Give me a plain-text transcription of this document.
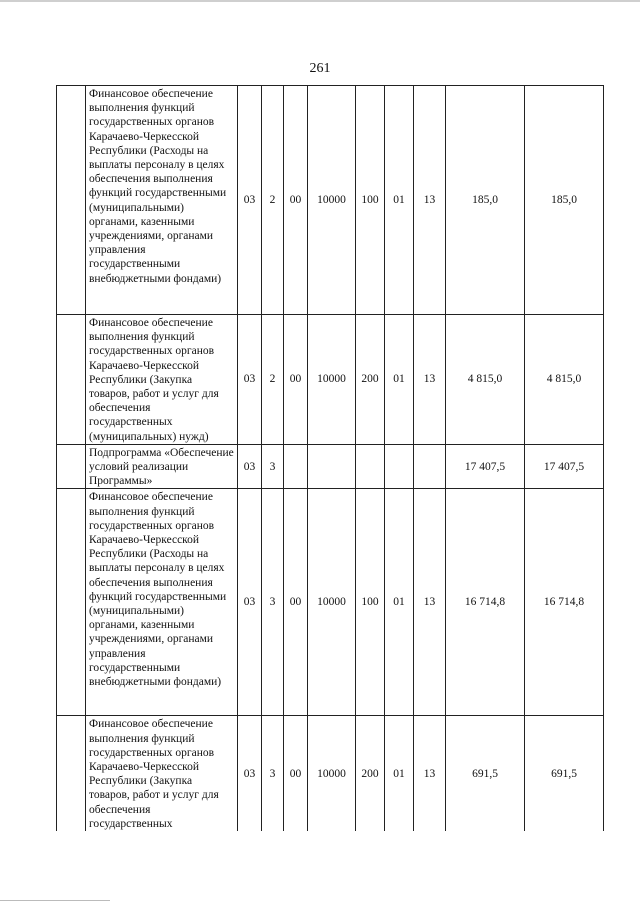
261
	Финансовое обеспечение выполнения функций государственных органов Карачаево-Черкесской Республики (Расходы на выплаты персоналу в целях обеспечения выполнения функций государственными (муниципальными) органами, казенными учреждениями, органами управления государственными внебюджетными фондами)	03	2	00	10000	100	01	13	185,0	185,0
	Финансовое обеспечение выполнения функций государственных органов Карачаево-Черкесской Республики (Закупка товаров, работ и услуг для обеспечения государственных (муниципальных) нужд)	03	2	00	10000	200	01	13	4 815,0	4 815,0
	Подпрограмма «Обеспечение условий реализации Программы»	03	3						17 407,5	17 407,5
	Финансовое обеспечение выполнения функций государственных органов Карачаево-Черкесской Республики (Расходы на выплаты персоналу в целях обеспечения выполнения функций государственными (муниципальными) органами, казенными учреждениями, органами управления государственными внебюджетными фондами)	03	3	00	10000	100	01	13	16 714,8	16 714,8
	Финансовое обеспечение выполнения функций государственных органов Карачаево-Черкесской Республики (Закупка товаров, работ и услуг для обеспечения государственных	03	3	00	10000	200	01	13	691,5	691,5
